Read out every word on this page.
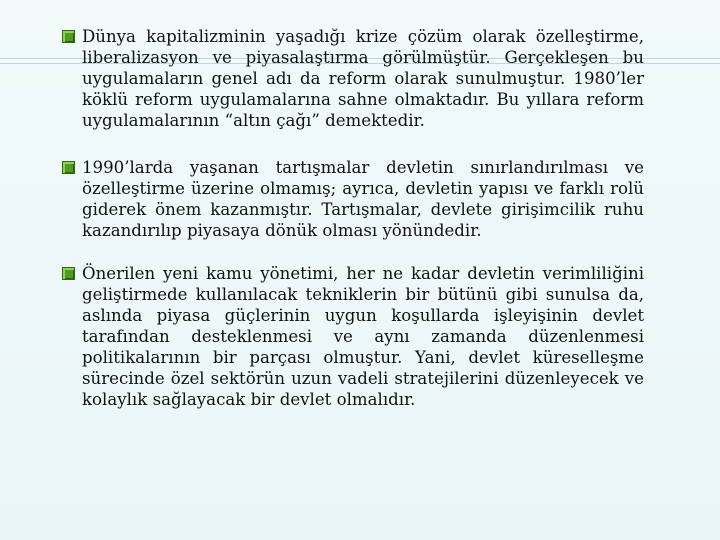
Dünya kapitalizminin yaşadığı krize çözüm olarak özelleştirme, liberalizasyon ve piyasalaştırma görülmüştür. Gerçekleşen bu uygulamaların genel adı da reform olarak sunulmuştur. 1980’ler köklü reform uygulamalarına sahne olmaktadır. Bu yıllara reform uygulamalarının “altın çağı” demektedir.
1990’larda yaşanan tartışmalar devletin sınırlandırılması ve özelleştirme üzerine olmamış; ayrıca, devletin yapısı ve farklı rolü giderek önem kazanmıştır. Tartışmalar, devlete girişimcilik ruhu kazandırılıp piyasaya dönük olması yönündedir.
Önerilen yeni kamu yönetimi, her ne kadar devletin verimliliğini geliştirmede kullanılacak tekniklerin bir bütünü gibi sunulsa da, aslında piyasa güçlerinin uygun koşullarda işleyişinin devlet tarafından desteklenmesi ve aynı zamanda düzenlenmesi politikalarının bir parçası olmuştur. Yani, devlet küreselleşme sürecinde özel sektörün uzun vadeli stratejilerini düzenleyecek ve kolaylık sağlayacak bir devlet olmalıdır.
